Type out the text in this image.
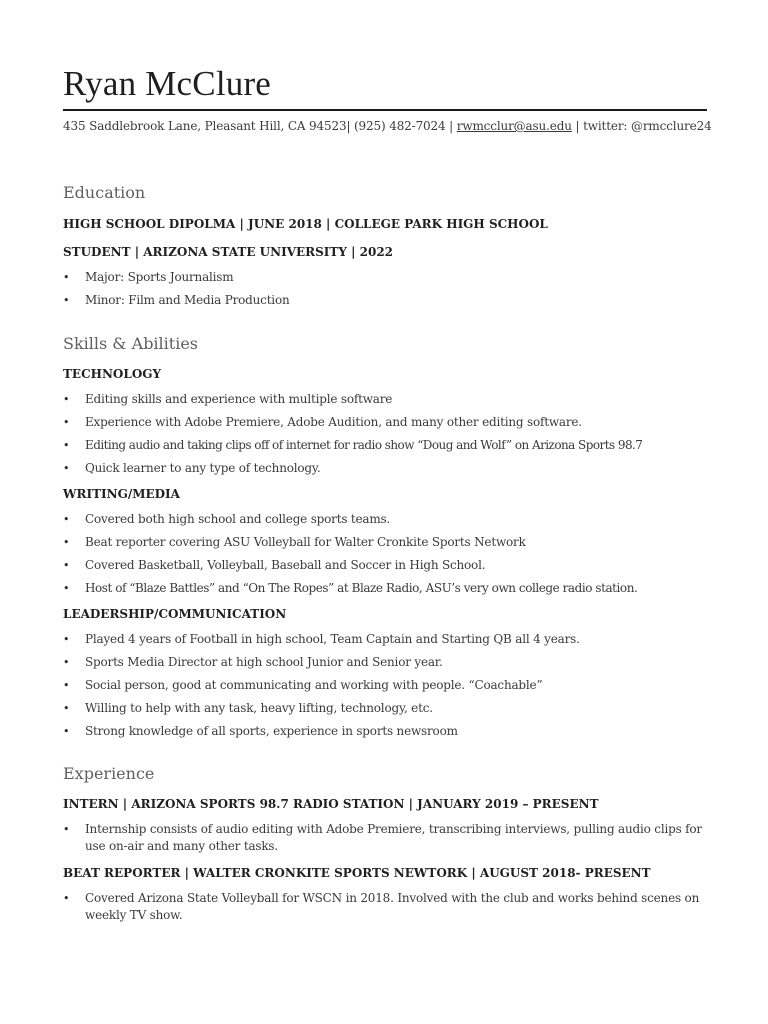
Ryan McClure
435 Saddlebrook Lane, Pleasant Hill, CA 94523| (925) 482-7024 | rwmcclur@asu.edu | twitter: @rmcclure24
Education
HIGH SCHOOL DIPOLMA | JUNE 2018 | COLLEGE PARK HIGH SCHOOL
STUDENT | ARIZONA STATE UNIVERSITY | 2022
• Major: Sports Journalism
• Minor: Film and Media Production
Skills & Abilities
TECHNOLOGY
• Editing skills and experience with multiple software
• Experience with Adobe Premiere, Adobe Audition, and many other editing software.
• Editing audio and taking clips off of internet for radio show “Doug and Wolf” on Arizona Sports 98.7
• Quick learner to any type of technology.
WRITING/MEDIA
• Covered both high school and college sports teams.
• Beat reporter covering ASU Volleyball for Walter Cronkite Sports Network
• Covered Basketball, Volleyball, Baseball and Soccer in High School.
• Host of “Blaze Battles” and “On The Ropes” at Blaze Radio, ASU’s very own college radio station.
LEADERSHIP/COMMUNICATION
• Played 4 years of Football in high school, Team Captain and Starting QB all 4 years.
• Sports Media Director at high school Junior and Senior year.
• Social person, good at communicating and working with people. “Coachable”
• Willing to help with any task, heavy lifting, technology, etc.
• Strong knowledge of all sports, experience in sports newsroom
Experience
INTERN | ARIZONA SPORTS 98.7 RADIO STATION | JANUARY 2019 – PRESENT
• Internship consists of audio editing with Adobe Premiere, transcribing interviews, pulling audio clips for use on-air and many other tasks.
BEAT REPORTER | WALTER CRONKITE SPORTS NEWTORK | AUGUST 2018- PRESENT
• Covered Arizona State Volleyball for WSCN in 2018. Involved with the club and works behind scenes on weekly TV show.
